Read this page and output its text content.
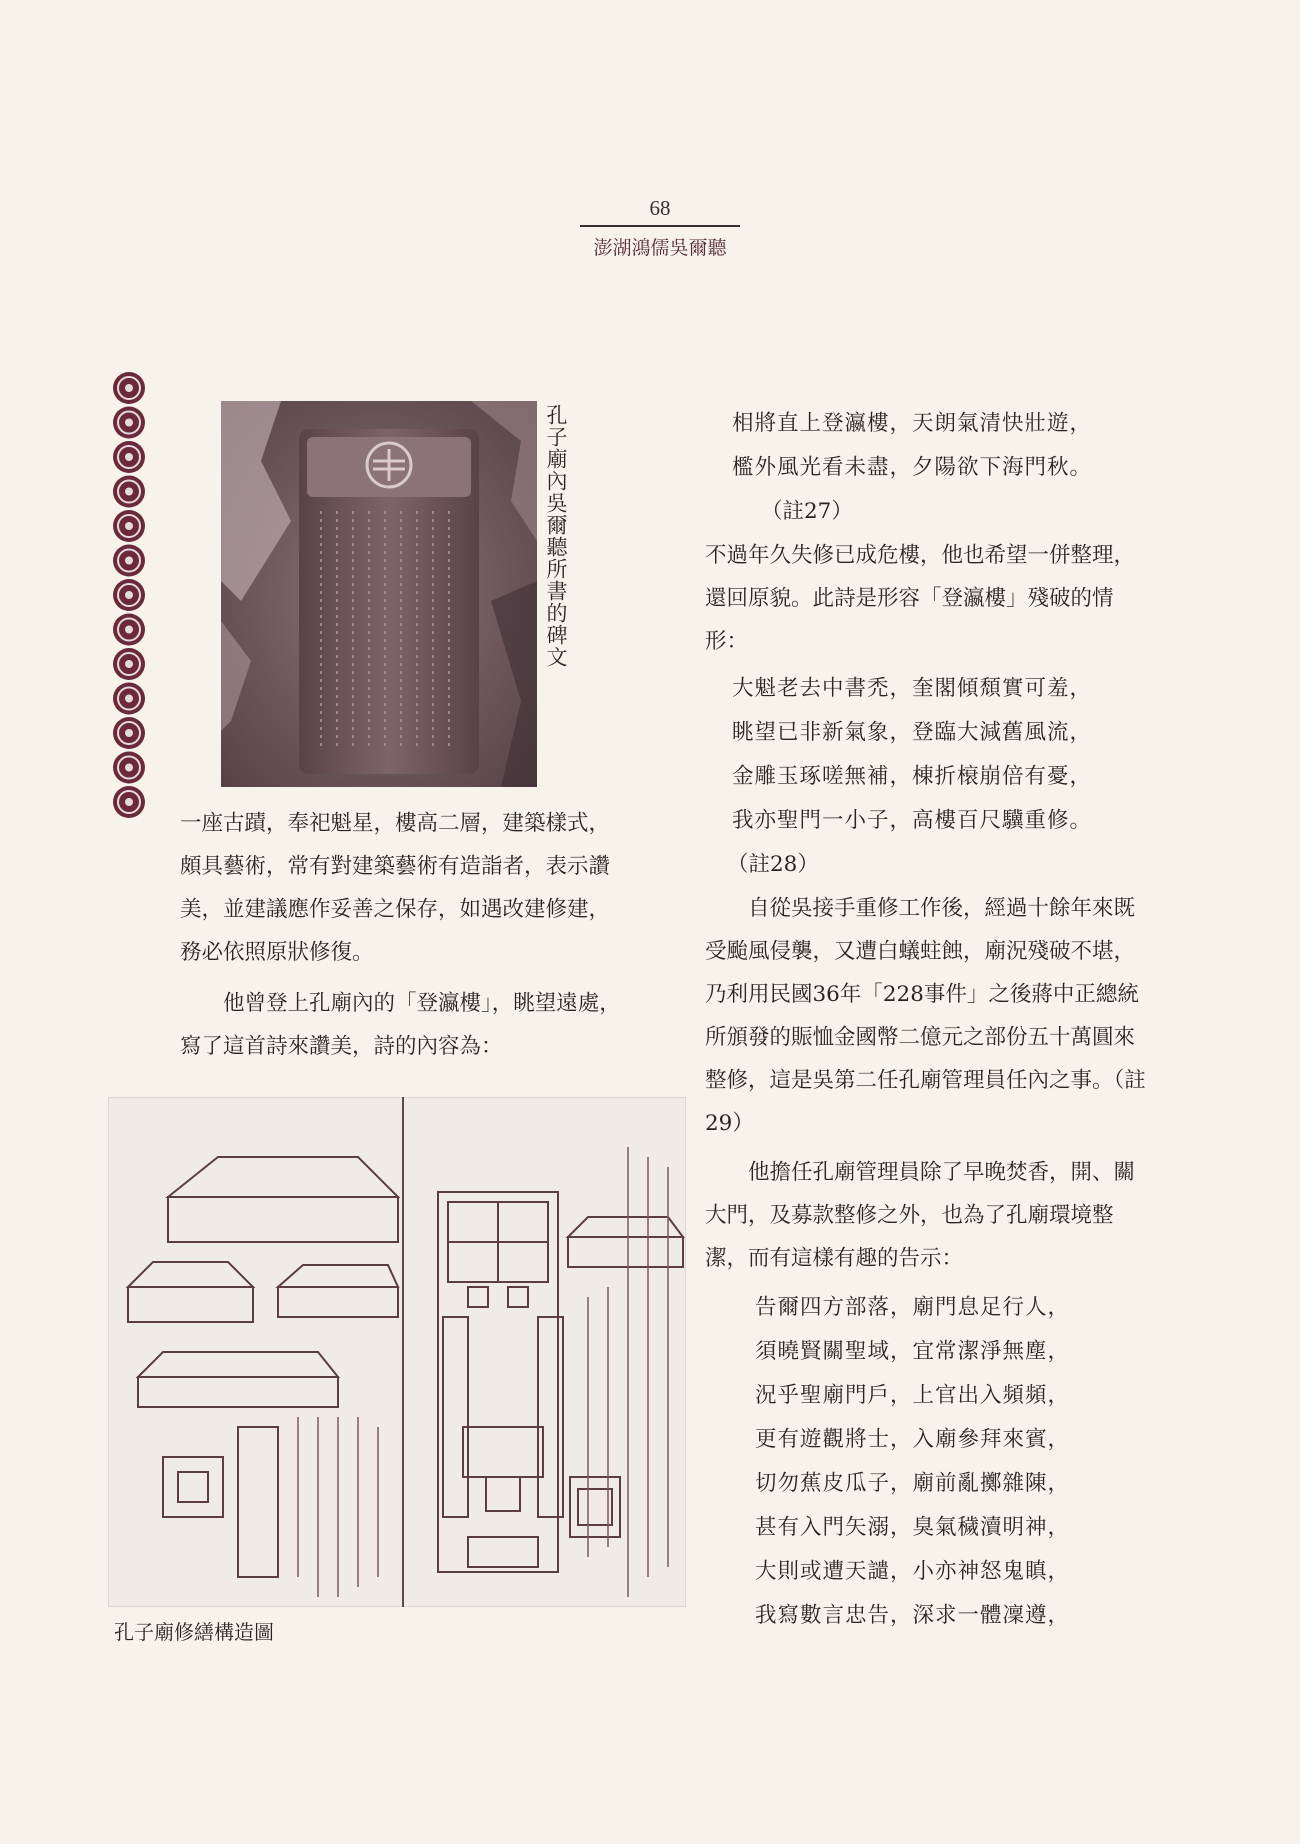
68
澎湖鴻儒吳爾聽
孔子廟內吳爾聽所書的碑文

一座古蹟，奉祀魁星，樓高二層，建築樣式，頗具藝術，常有對建築藝術有造詣者，表示讚美，並建議應作妥善之保存，如遇改建修建，務必依照原狀修復。

他曾登上孔廟內的「登瀛樓」，眺望遠處，寫了這首詩來讚美，詩的內容為：

孔子廟修繕構造圖
相將直上登瀛樓，天朗氣清快壯遊，
檻外風光看未盡，夕陽欲下海門秋。
（註27）

不過年久失修已成危樓，他也希望一併整理，還回原貌。此詩是形容「登瀛樓」殘破的情形：

大魁老去中書禿，奎閣傾頹實可羞，
眺望已非新氣象，登臨大減舊風流，
金雕玉琢嗟無補，棟折榱崩倍有憂，
我亦聖門一小子，高樓百尺驥重修。
（註28）

自從吳接手重修工作後，經過十餘年來既受颱風侵襲，又遭白蟻蛀蝕，廟況殘破不堪，乃利用民國36年「228事件」之後蔣中正總統所頒發的賑恤金國幣二億元之部份五十萬圓來整修，這是吳第二任孔廟管理員任內之事。（註29）

他擔任孔廟管理員除了早晚焚香，開、關大門，及募款整修之外，也為了孔廟環境整潔，而有這樣有趣的告示：

告爾四方部落，廟門息足行人，
須曉賢關聖域，宜常潔淨無塵，
況乎聖廟門戶，上官出入頻頻，
更有遊觀將士，入廟參拜來賓，
切勿蕉皮瓜子，廟前亂擲雜陳，
甚有入門矢溺，臭氣穢瀆明神，
大則或遭天譴，小亦神怒鬼瞋，
我寫數言忠告，深求一體凜遵，
